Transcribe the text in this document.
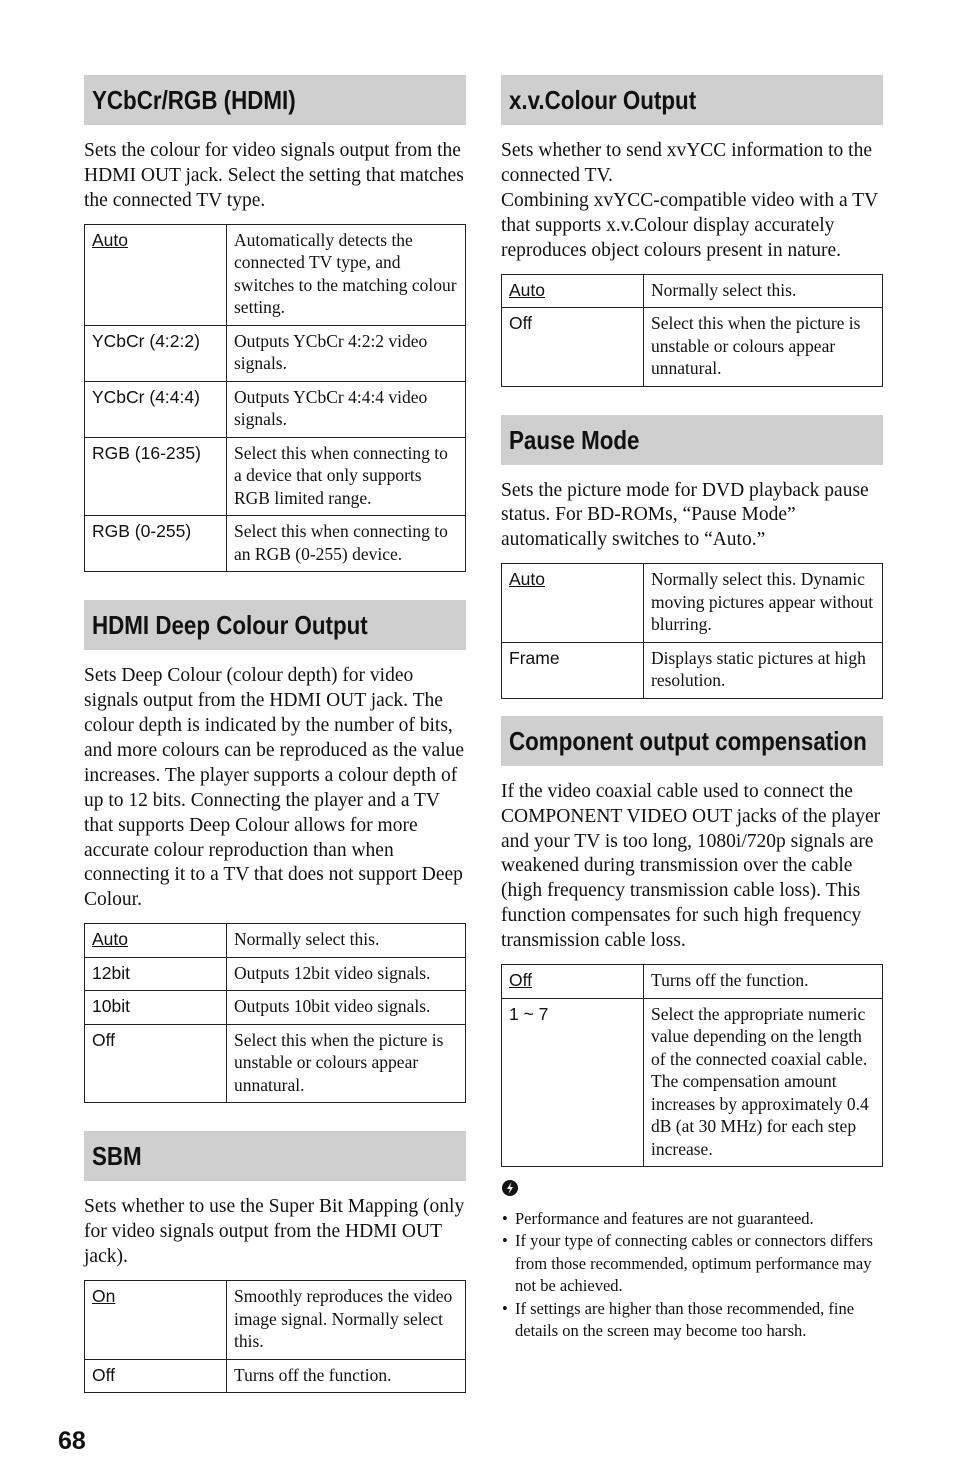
YCbCr/RGB (HDMI)
Sets the colour for video signals output from the HDMI OUT jack. Select the setting that matches the connected TV type.
Auto	Automatically detects the connected TV type, and switches to the matching colour setting.
YCbCr (4:2:2)	Outputs YCbCr 4:2:2 video signals.
YCbCr (4:4:4)	Outputs YCbCr 4:4:4 video signals.
RGB (16-235)	Select this when connecting to a device that only supports RGB limited range.
RGB (0-255)	Select this when connecting to an RGB (0-255) device.
HDMI Deep Colour Output
Sets Deep Colour (colour depth) for video signals output from the HDMI OUT jack. The colour depth is indicated by the number of bits, and more colours can be reproduced as the value increases. The player supports a colour depth of up to 12 bits. Connecting the player and a TV that supports Deep Colour allows for more accurate colour reproduction than when connecting it to a TV that does not support Deep Colour.
Auto	Normally select this.
12bit	Outputs 12bit video signals.
10bit	Outputs 10bit video signals.
Off	Select this when the picture is unstable or colours appear unnatural.
SBM
Sets whether to use the Super Bit Mapping (only for video signals output from the HDMI OUT jack).
On	Smoothly reproduces the video image signal. Normally select this.
Off	Turns off the function.
x.v.Colour Output
Sets whether to send xvYCC information to the connected TV.
Combining xvYCC-compatible video with a TV that supports x.v.Colour display accurately reproduces object colours present in nature.
Auto	Normally select this.
Off	Select this when the picture is unstable or colours appear unnatural.
Pause Mode
Sets the picture mode for DVD playback pause status. For BD-ROMs, “Pause Mode” automatically switches to “Auto.”
Auto	Normally select this. Dynamic moving pictures appear without blurring.
Frame	Displays static pictures at high resolution.
Component output compensation
If the video coaxial cable used to connect the COMPONENT VIDEO OUT jacks of the player and your TV is too long, 1080i/720p signals are weakened during transmission over the cable (high frequency transmission cable loss). This function compensates for such high frequency transmission cable loss.
Off	Turns off the function.
1 ~ 7	Select the appropriate numeric value depending on the length of the connected coaxial cable.
The compensation amount increases by approximately 0.4 dB (at 30 MHz) for each step increase.
• Performance and features are not guaranteed.
• If your type of connecting cables or connectors differs from those recommended, optimum performance may not be achieved.
• If settings are higher than those recommended, fine details on the screen may become too harsh.
68
